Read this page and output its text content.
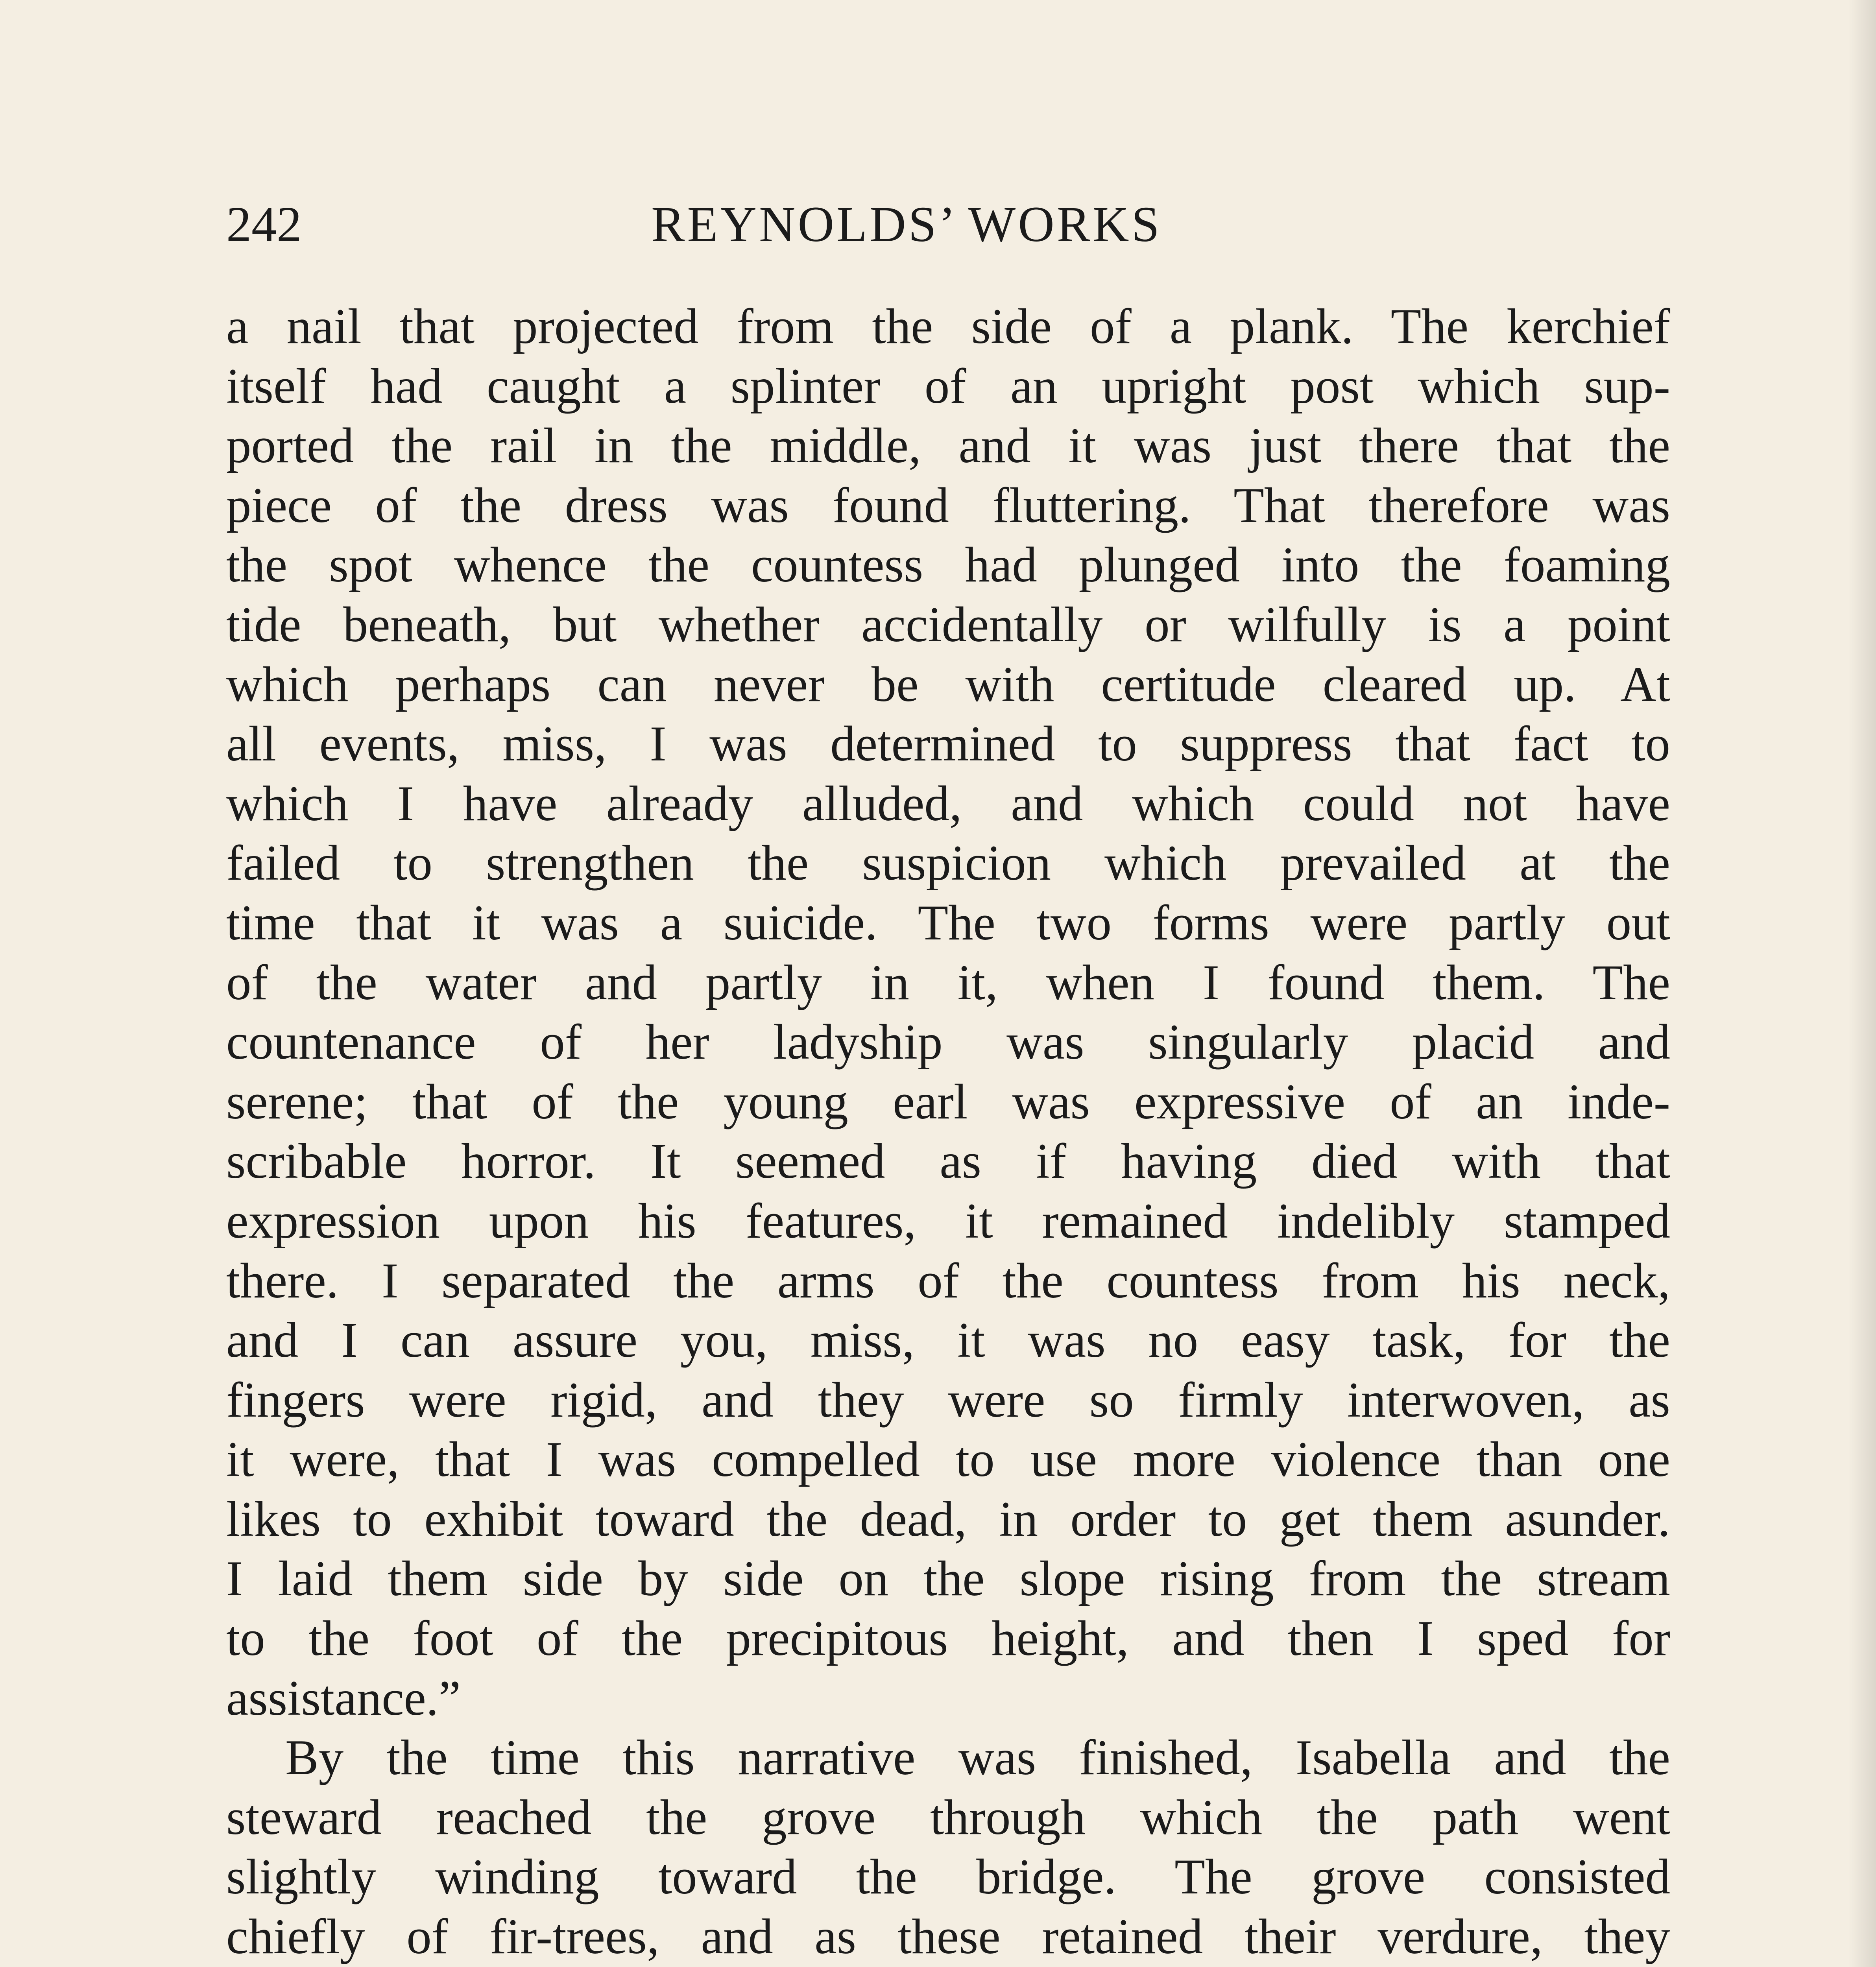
242	REYNOLDS’ WORKS
a nail that projected from the side of a plank. The kerchief
itself had caught a splinter of an upright post which sup-
ported the rail in the middle, and it was just there that the
piece of the dress was found fluttering. That therefore was
the spot whence the countess had plunged into the foaming
tide beneath, but whether accidentally or wilfully is a point
which perhaps can never be with certitude cleared up. At
all events, miss, I was determined to suppress that fact to
which I have already alluded, and which could not have
failed to strengthen the suspicion which prevailed at the
time that it was a suicide. The two forms were partly out
of the water and partly in it, when I found them. The
countenance of her ladyship was singularly placid and
serene; that of the young earl was expressive of an inde-
scribable horror. It seemed as if having died with that
expression upon his features, it remained indelibly stamped
there. I separated the arms of the countess from his neck,
and I can assure you, miss, it was no easy task, for the
fingers were rigid, and they were so firmly interwoven, as
it were, that I was compelled to use more violence than one
likes to exhibit toward the dead, in order to get them asunder.
I laid them side by side on the slope rising from the stream
to the foot of the precipitous height, and then I sped for
assistance.”
By the time this narrative was finished, Isabella and the
steward reached the grove through which the path went
slightly winding toward the bridge. The grove consisted
chiefly of fir-trees, and as these retained their verdure, they
